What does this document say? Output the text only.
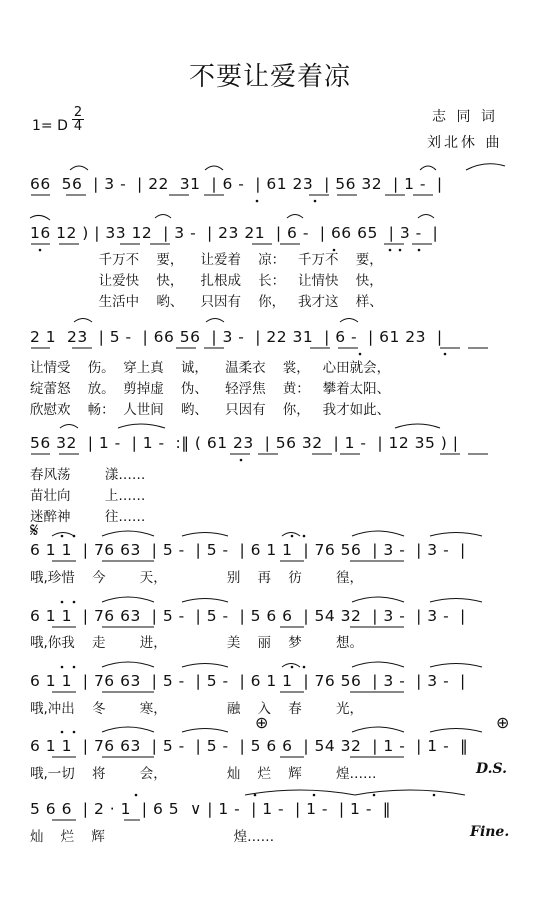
不要让爱着凉
志 同 词
刘北休 曲
1= D
2
4
66  56  | 3 -  | 22  31  | 6 -  | 61 23  | 56 32  | 1 -  |
16 12 ) | 33 12  | 3 -  | 23 21  | 6 -  | 66 65  | 3 -  |
千万不    要，    让爱着    凉：   千万不    要，
让爱快    快，    扎根成    长：   让情快    快，
生活中    哟、    只因有    你，   我才这    样、
2 1  23  | 5 -  | 66 56  | 3 -  | 22 31  | 6 -  | 61 23  |
让情受    伤。  穿上真    诚，    温柔衣    裳，   心田就会，
绽蕾怒    放。  剪掉虚    伪、    轻浮焦    黄：   攀着太阳、
欣慰欢    畅：  人世间    哟、    只因有    你，   我才如此、
56 32  | 1 -  | 1 -  :‖ ( 61 23  | 56 32  | 1 -  | 12 35 ) |
春风荡        漾……
苗壮向        上……
迷醉神        往……
𝄋
6 1 1  | 76 63  | 5 -  | 5 -  | 6 1 1  | 76 56  | 3 -  | 3 -  |
哦,珍惜    今        天，              别    再    彷        徨，
6 1 1  | 76 63  | 5 -  | 5 -  | 5 6 6  | 54 32  | 3 -  | 3 -  |
哦,你我    走        进，              美    丽    梦        想。
6 1 1  | 76 63  | 5 -  | 5 -  | 6 1 1  | 76 56  | 3 -  | 3 -  |
哦,冲出    冬        寒，              融    入    春        光，
⊕	⊕
6 1 1  | 76 63  | 5 -  | 5 -  | 5 6 6  | 54 32  | 1 -  | 1 -  ‖
哦,一切    将        会，              灿    烂    辉        煌……	D.S.
5 6 6  | 2 · 1  | 6 5  ∨ | 1 -  | 1 -  | 1 -  | 1 -  ‖
灿    烂    辉                              煌……	Fine.
